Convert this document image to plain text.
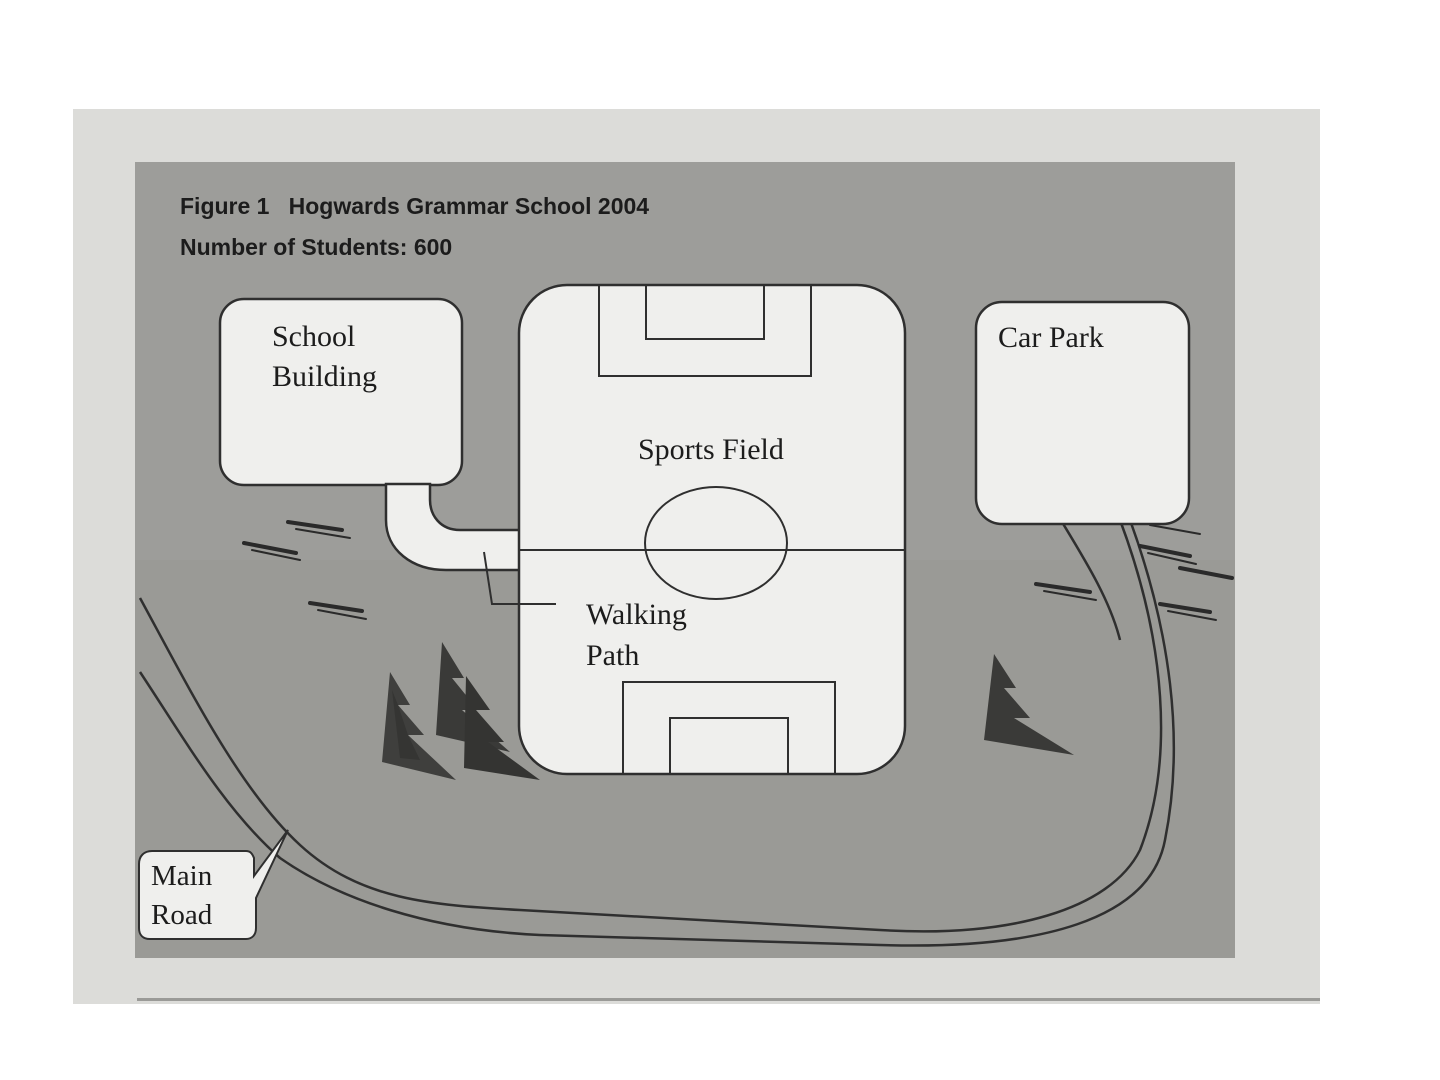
Figure 1   Hogwards Grammar School 2004
Number of Students: 600
School
Building
Sports Field
Walking
Path
Car Park
Main
Road
